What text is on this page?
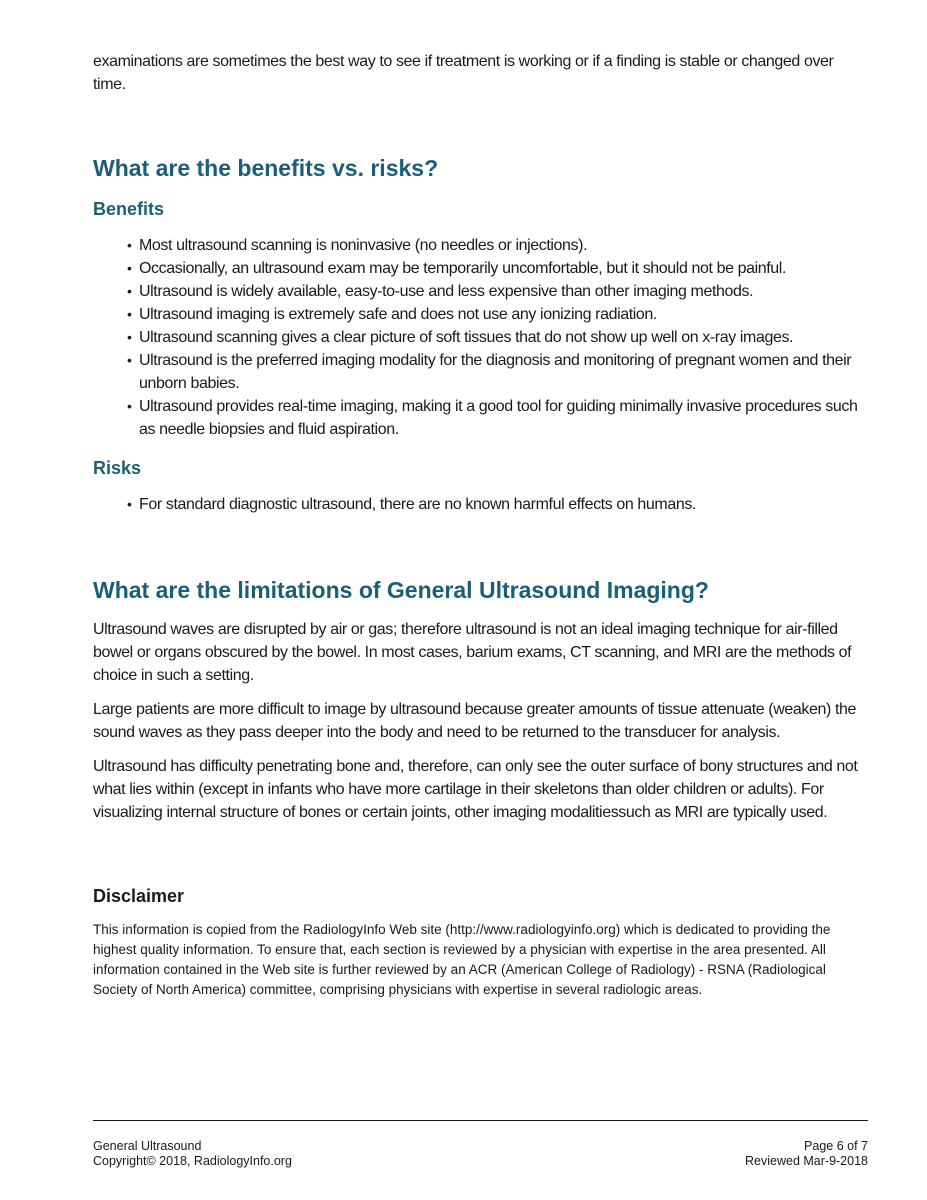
examinations are sometimes the best way to see if treatment is working or if a finding is stable or changed over time.

What are the benefits vs. risks?
Benefits
• Most ultrasound scanning is noninvasive (no needles or injections).
• Occasionally, an ultrasound exam may be temporarily uncomfortable, but it should not be painful.
• Ultrasound is widely available, easy-to-use and less expensive than other imaging methods.
• Ultrasound imaging is extremely safe and does not use any ionizing radiation.
• Ultrasound scanning gives a clear picture of soft tissues that do not show up well on x-ray images.
• Ultrasound is the preferred imaging modality for the diagnosis and monitoring of pregnant women and their unborn babies.
• Ultrasound provides real-time imaging, making it a good tool for guiding minimally invasive procedures such as needle biopsies and fluid aspiration.
Risks
• For standard diagnostic ultrasound, there are no known harmful effects on humans.
What are the limitations of General Ultrasound Imaging?

Ultrasound waves are disrupted by air or gas; therefore ultrasound is not an ideal imaging technique for air-filled bowel or organs obscured by the bowel. In most cases, barium exams, CT scanning, and MRI are the methods of choice in such a setting.

Large patients are more difficult to image by ultrasound because greater amounts of tissue attenuate (weaken) the sound waves as they pass deeper into the body and need to be returned to the transducer for analysis.

Ultrasound has difficulty penetrating bone and, therefore, can only see the outer surface of bony structures and not what lies within (except in infants who have more cartilage in their skeletons than older children or adults). For visualizing internal structure of bones or certain joints, other imaging modalitiessuch as MRI are typically used.

Disclaimer

This information is copied from the RadiologyInfo Web site (http://www.radiologyinfo.org) which is dedicated to providing the highest quality information. To ensure that, each section is reviewed by a physician with expertise in the area presented. All information contained in the Web site is further reviewed by an ACR (American College of Radiology) - RSNA (Radiological Society of North America) committee, comprising physicians with expertise in several radiologic areas.

General Ultrasound	Page 6 of 7
Copyright© 2018, RadiologyInfo.org	Reviewed Mar-9-2018
